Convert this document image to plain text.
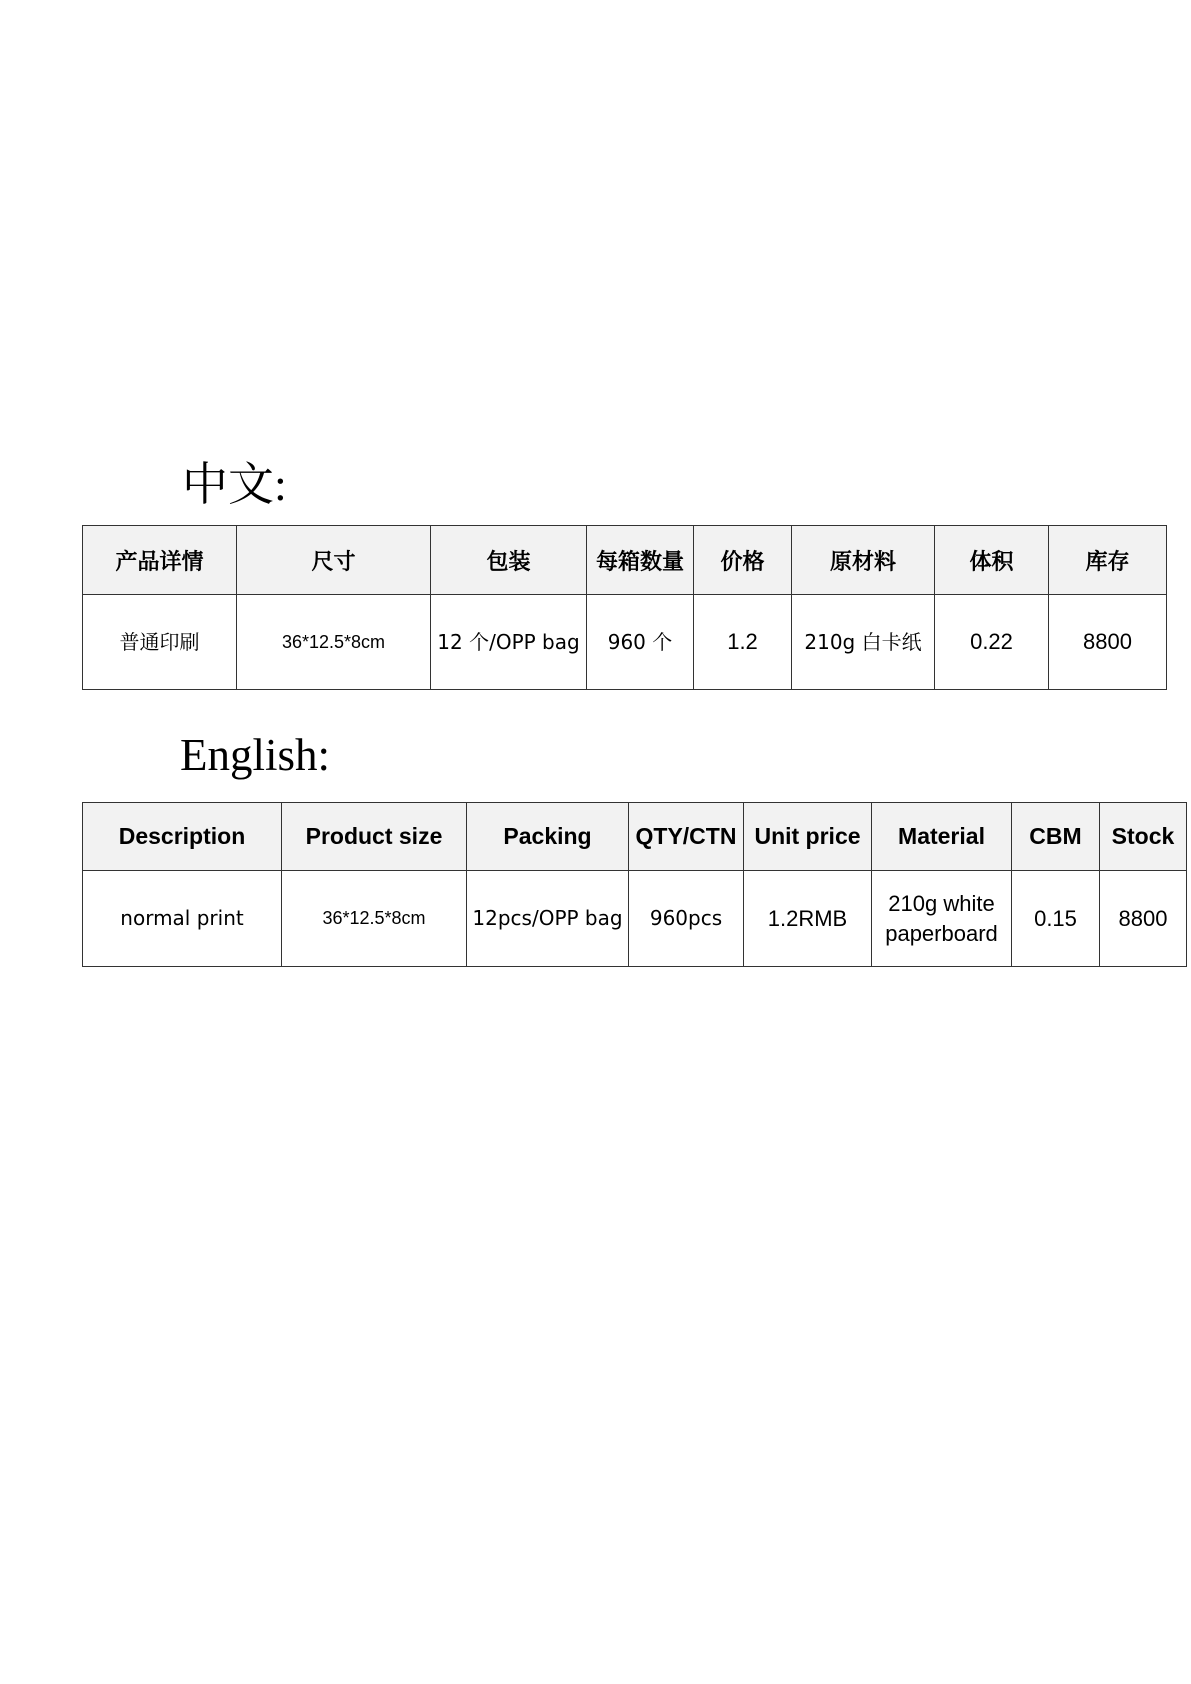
中文:
产品详情	尺寸	包装	每箱数量	价格	原材料	体积	库存
普通印刷	36*12.5*8cm	12 个/OPP bag	960 个	1.2	210g 白卡纸	0.22	8800
English:
Description	Product size	Packing	QTY/CTN	Unit price	Material	CBM	Stock
normal print	36*12.5*8cm	12pcs/OPP bag	960pcs	1.2RMB	210g white paperboard	0.15	8800
